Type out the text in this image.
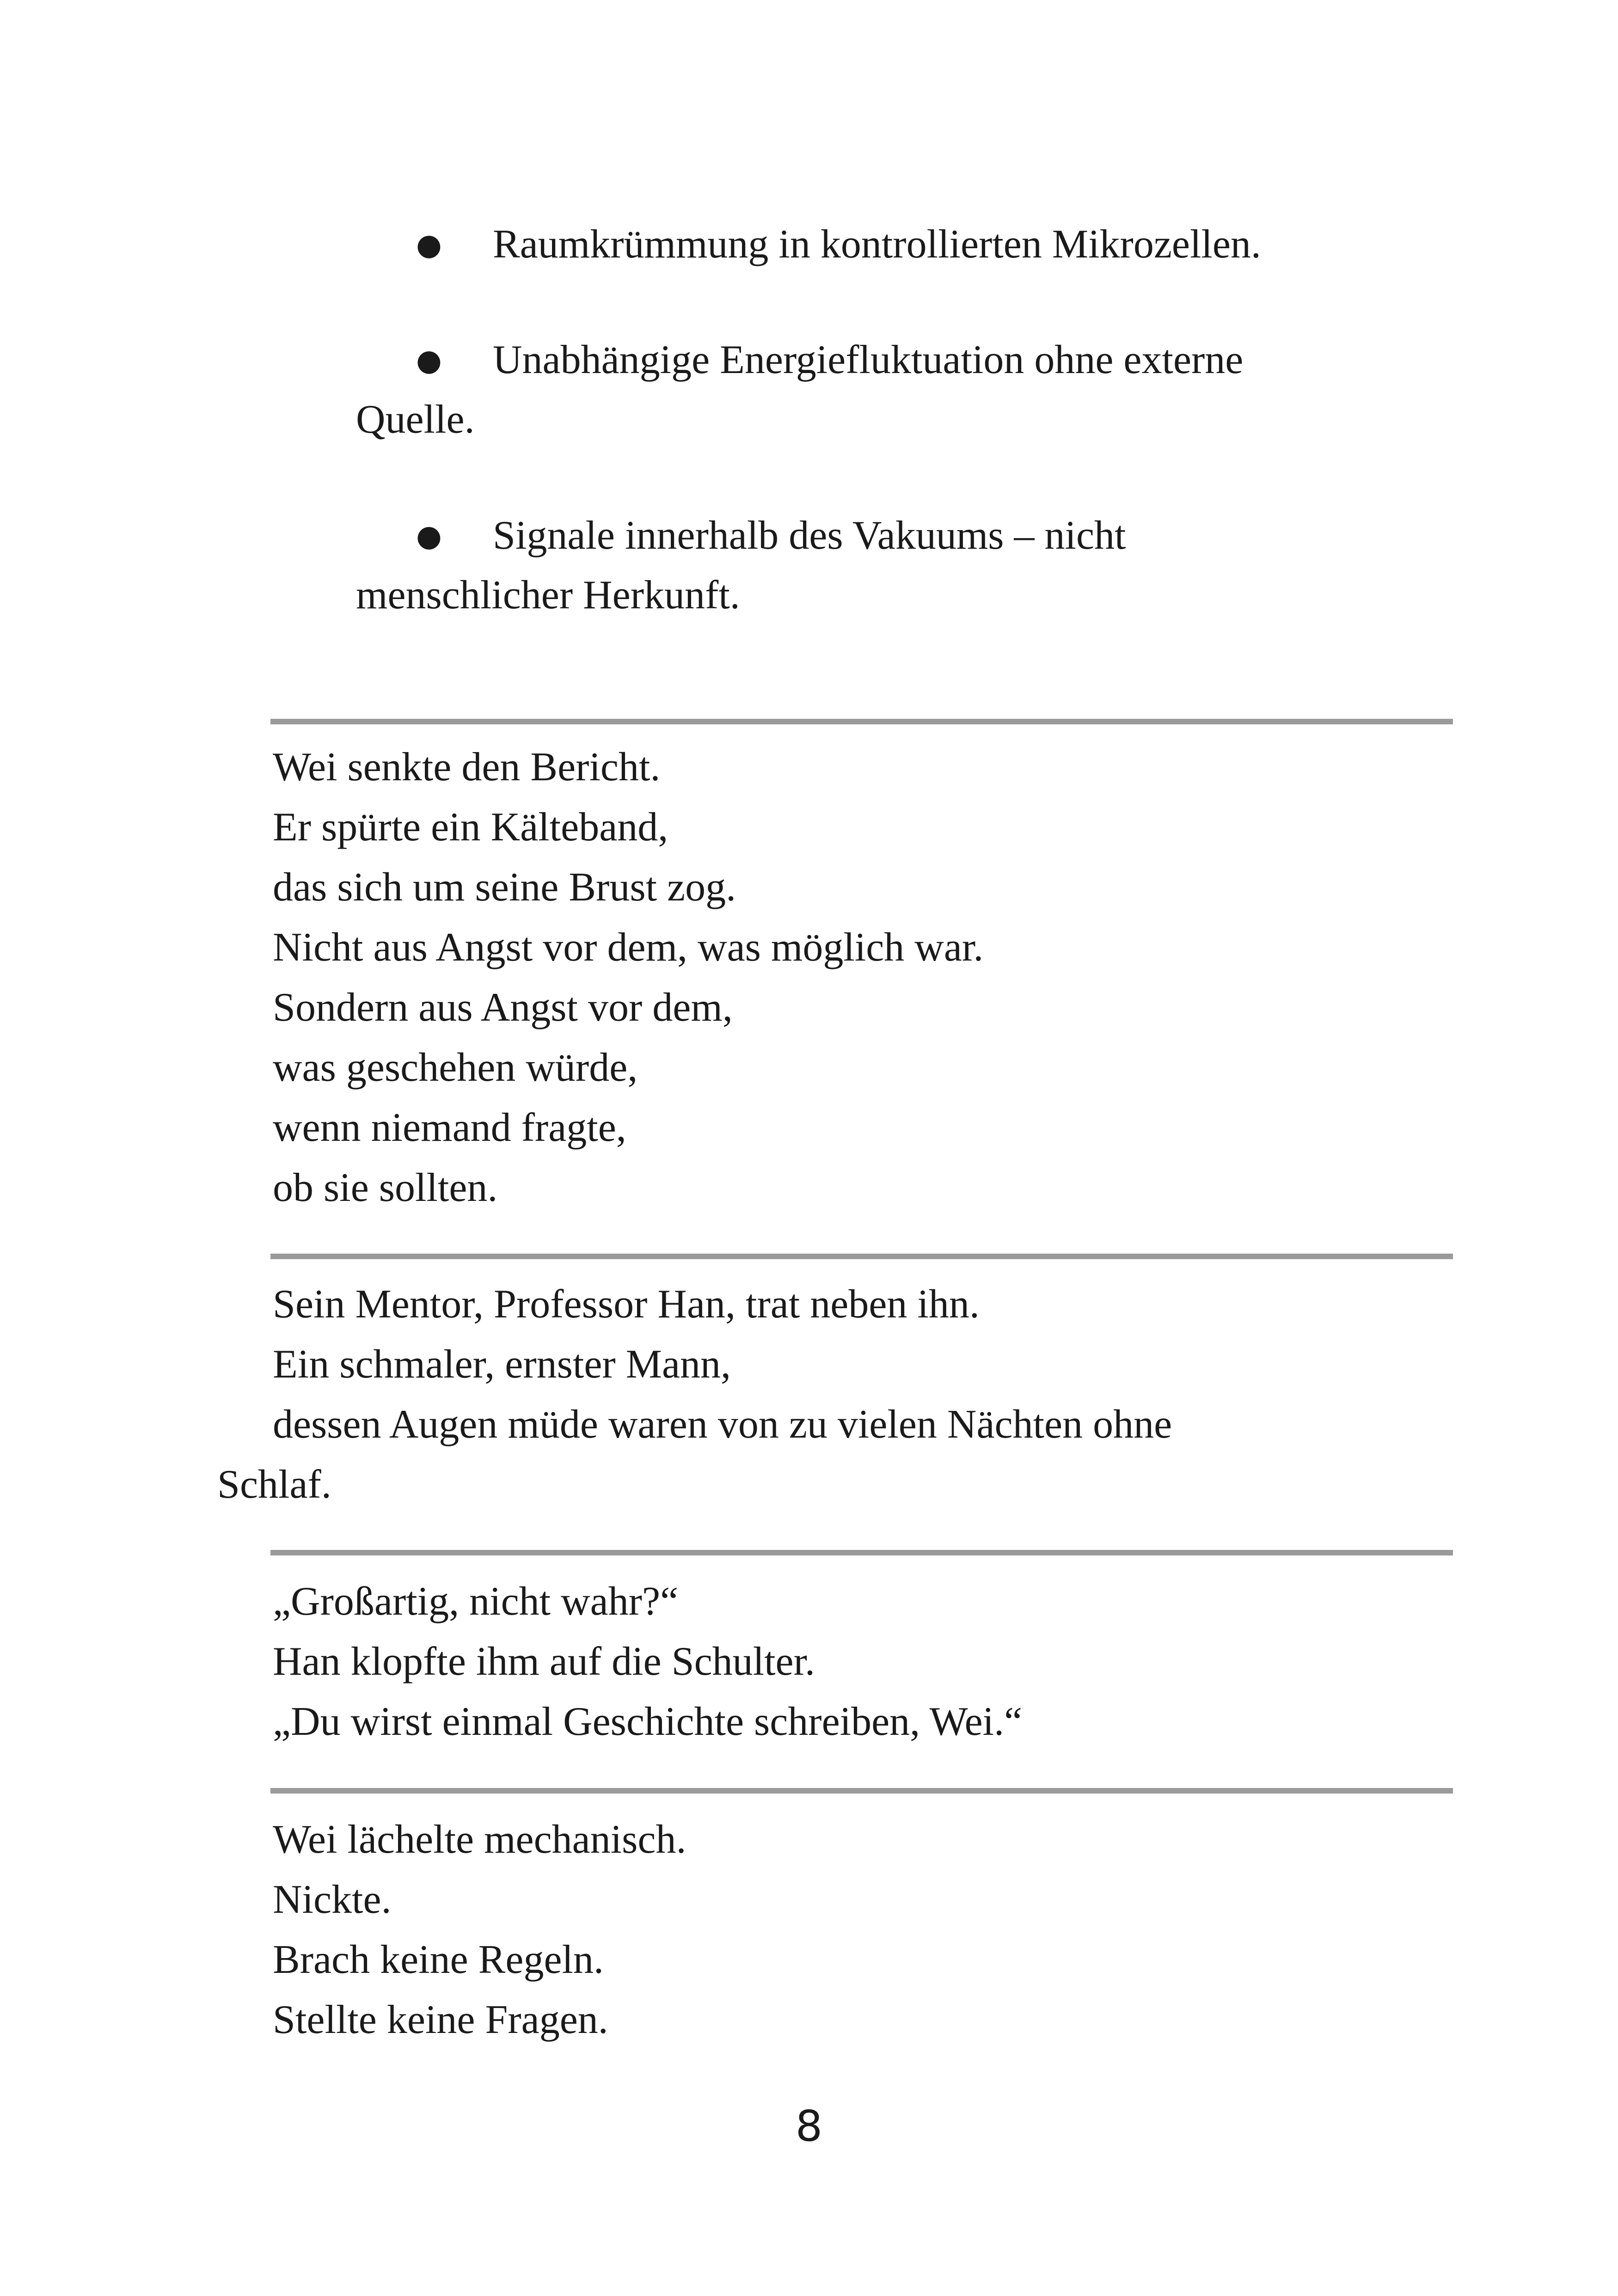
● Raumkrümmung in kontrollierten Mikrozellen.

● Unabhängige Energiefluktuation ohne externe
Quelle.

● Signale innerhalb des Vakuums – nicht
menschlicher Herkunft.

Wei senkte den Bericht.
Er spürte ein Kälteband,
das sich um seine Brust zog.
Nicht aus Angst vor dem, was möglich war.
Sondern aus Angst vor dem,
was geschehen würde,
wenn niemand fragte,
ob sie sollten.
Sein Mentor, Professor Han, trat neben ihn.
Ein schmaler, ernster Mann,
dessen Augen müde waren von zu vielen Nächten ohne
Schlaf.
„Großartig, nicht wahr?“
Han klopfte ihm auf die Schulter.
„Du wirst einmal Geschichte schreiben, Wei.“
Wei lächelte mechanisch.
Nickte.
Brach keine Regeln.
Stellte keine Fragen.
8
